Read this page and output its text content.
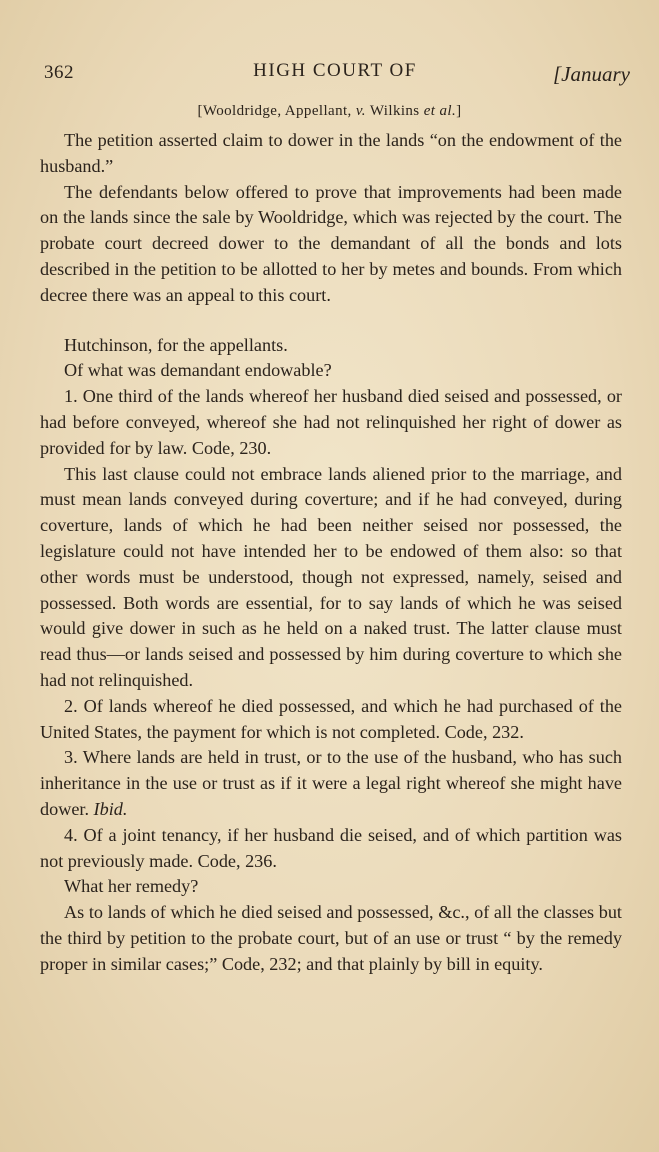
362	HIGH COURT OF	[January
[Wooldridge, Appellant, v. Wilkins et al.]

The petition asserted claim to dower in the lands “on the endowment of the husband.”

The defendants below offered to prove that improvements had been made on the lands since the sale by Wooldridge, which was rejected by the court. The probate court decreed dower to the demandant of all the bonds and lots described in the petition to be allotted to her by metes and bounds. From which decree there was an appeal to this court.

Hutchinson, for the appellants.

Of what was demandant endowable?

1. One third of the lands whereof her husband died seised and possessed, or had before conveyed, whereof she had not relinquished her right of dower as provided for by law. Code, 230.

This last clause could not embrace lands aliened prior to the marriage, and must mean lands conveyed during coverture; and if he had conveyed, during coverture, lands of which he had been neither seised nor possessed, the legislature could not have intended her to be endowed of them also: so that other words must be understood, though not expressed, namely, seised and possessed. Both words are essential, for to say lands of which he was seised would give dower in such as he held on a naked trust. The latter clause must read thus—or lands seised and possessed by him during coverture to which she had not relinquished.

2. Of lands whereof he died possessed, and which he had purchased of the United States, the payment for which is not completed. Code, 232.

3. Where lands are held in trust, or to the use of the husband, who has such inheritance in the use or trust as if it were a legal right whereof she might have dower. Ibid.

4. Of a joint tenancy, if her husband die seised, and of which partition was not previously made. Code, 236.

What her remedy?

As to lands of which he died seised and possessed, &c., of all the classes but the third by petition to the probate court, but of an use or trust “ by the remedy proper in similar cases;” Code, 232; and that plainly by bill in equity.
